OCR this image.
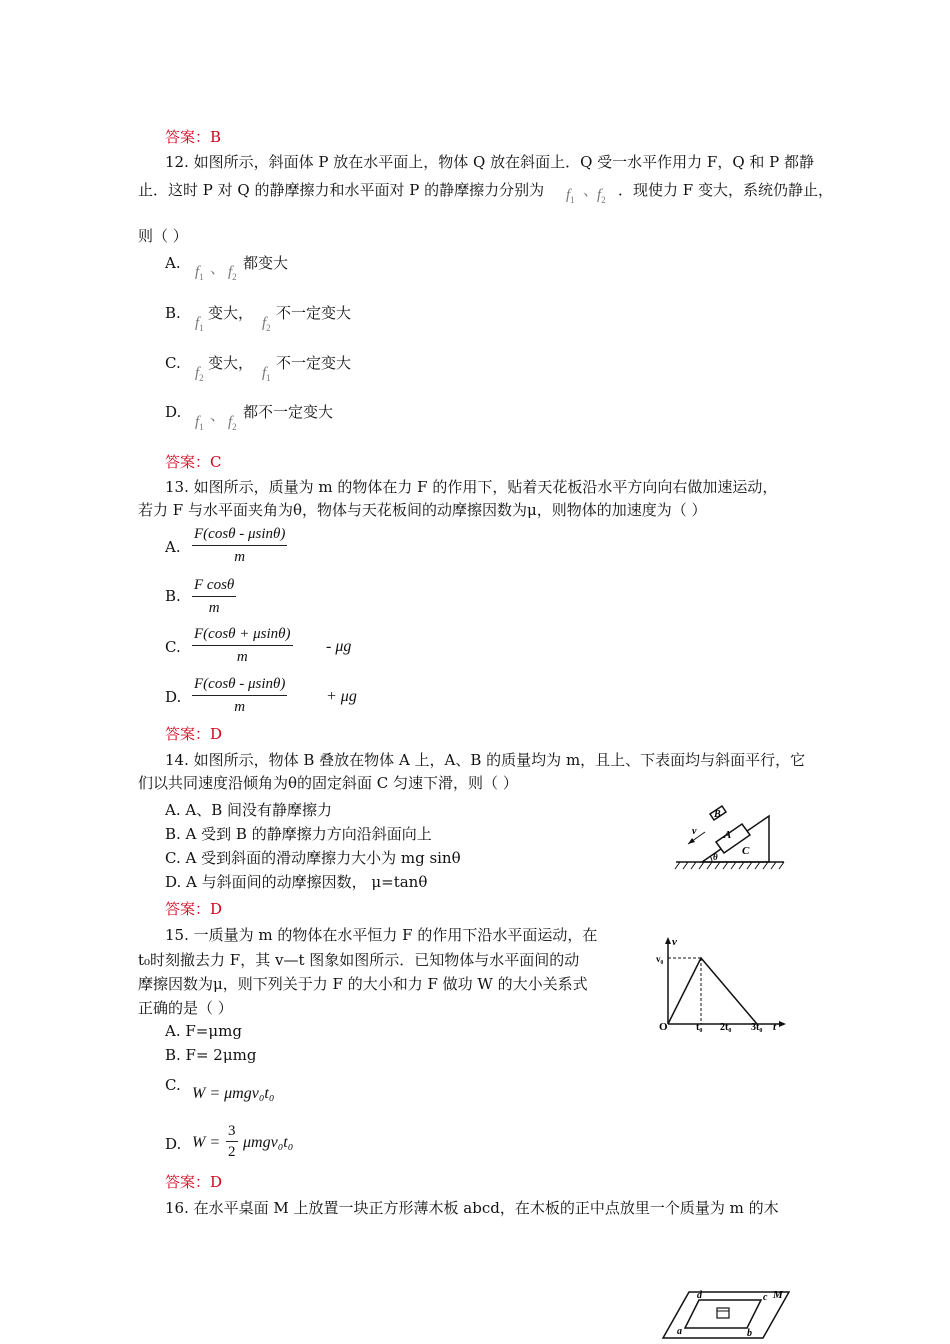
答案：B
12. 如图所示，斜面体 P 放在水平面上，物体 Q 放在斜面上．Q 受一水平作用力 F，Q 和 P 都静
止．这时 P 对 Q 的静摩擦力和水平面对 P 的静摩擦力分别为 $f_1$
、
$f_2$
．现使力 F 变大，系统仍静止，
则（ ）
A. $f_1$ 、 $f_2$
都变大
B.
$f_1$
变大，
$f_2$
不一定变大
C.
$f_2$
变大，
$f_1$
不一定变大
D.
$f_1$
、 $f_2$
都不一定变大
答案：C
13. 如图所示，质量为 m 的物体在力 F 的作用下，贴着天花板沿水平方向向右做加速运动，
若力 F 与水平面夹角为θ，物体与天花板间的动摩擦因数为μ，则物体的加速度为（ ）
A. $\frac{F(\cos\theta - \mu\sin\theta)}{m}$
B. $\frac{\text{F cosθ}}{m}$
C. $\frac{F(\cos\theta + \mu\sin\theta)}{m}$ - μg
D. $\frac{F(\cos\theta - \mu\sin\theta)}{m} + \mu g$
答案：D
14. 如图所示，物体 B 叠放在物体 A 上，A、B 的质量均为 m，且上、下表面均与斜面平行，它
们以共同速度沿倾角为θ的固定斜面 C 匀速下滑，则（ ）
A. A、B 间没有静摩擦力
B. A 受到 B 的静摩擦力方向沿斜面向上
C. A 受到斜面的滑动摩擦力大小为 mg sinθ
D. A 与斜面间的动摩擦因数， μ=tanθ
B
A
C
v
θ
答案：D
15. 一质量为 m 的物体在水平恒力 F 的作用下沿水平面运动，在
t₀时刻撤去力 F，其 v—t 图象如图所示．已知物体与水平面间的动
摩擦因数为μ，则下列关于力 F 的大小和力 F 做功 W 的大小关系式
正确的是（ ）
A. F=μmg
B. F= 2μmg
C. W = μmgv₀t₀
D. $W = \frac{3}{2} \mu mgv_0t_0$
v
v₀
O	t₀ 2t₀ 3t₀ t
答案：D
16. 在水平桌面 M 上放置一块正方形薄木板 abcd，在木板的正中点放里一个质量为 m 的木
d	c M
a	b
